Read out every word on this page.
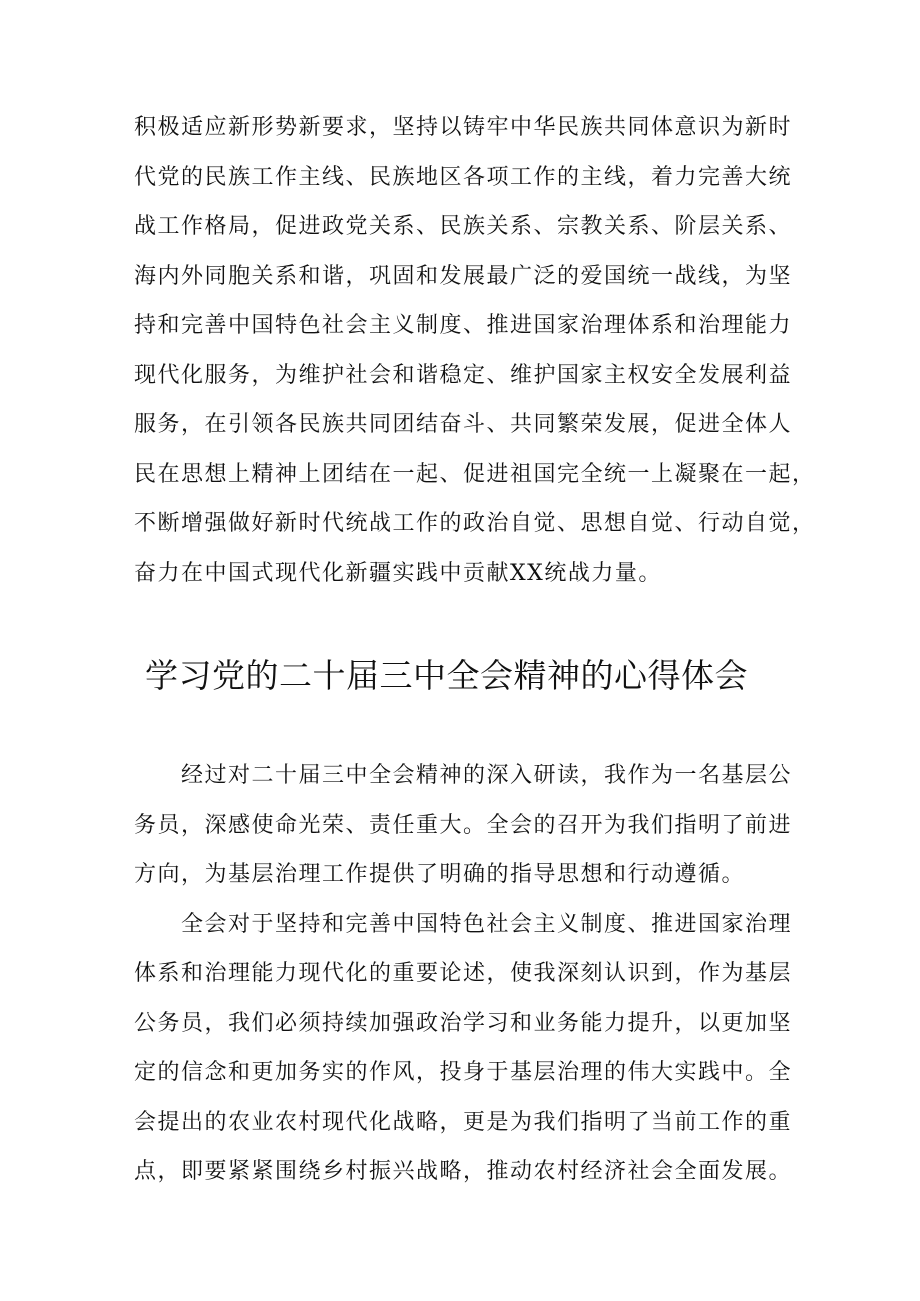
积极适应新形势新要求，坚持以铸牢中华民族共同体意识为新时
代党的民族工作主线、民族地区各项工作的主线，着力完善大统
战工作格局，促进政党关系、民族关系、宗教关系、阶层关系、
海内外同胞关系和谐，巩固和发展最广泛的爱国统一战线，为坚
持和完善中国特色社会主义制度、推进国家治理体系和治理能力
现代化服务，为维护社会和谐稳定、维护国家主权安全发展利益
服务，在引领各民族共同团结奋斗、共同繁荣发展，促进全体人
民在思想上精神上团结在一起、促进祖国完全统一上凝聚在一起，
不断增强做好新时代统战工作的政治自觉、思想自觉、行动自觉，
奋力在中国式现代化新疆实践中贡献XX统战力量。
学习党的二十届三中全会精神的心得体会
　　经过对二十届三中全会精神的深入研读，我作为一名基层公
务员，深感使命光荣、责任重大。全会的召开为我们指明了前进
方向，为基层治理工作提供了明确的指导思想和行动遵循。
　　全会对于坚持和完善中国特色社会主义制度、推进国家治理
体系和治理能力现代化的重要论述，使我深刻认识到，作为基层
公务员，我们必须持续加强政治学习和业务能力提升，以更加坚
定的信念和更加务实的作风，投身于基层治理的伟大实践中。全
会提出的农业农村现代化战略，更是为我们指明了当前工作的重
点，即要紧紧围绕乡村振兴战略，推动农村经济社会全面发展。
